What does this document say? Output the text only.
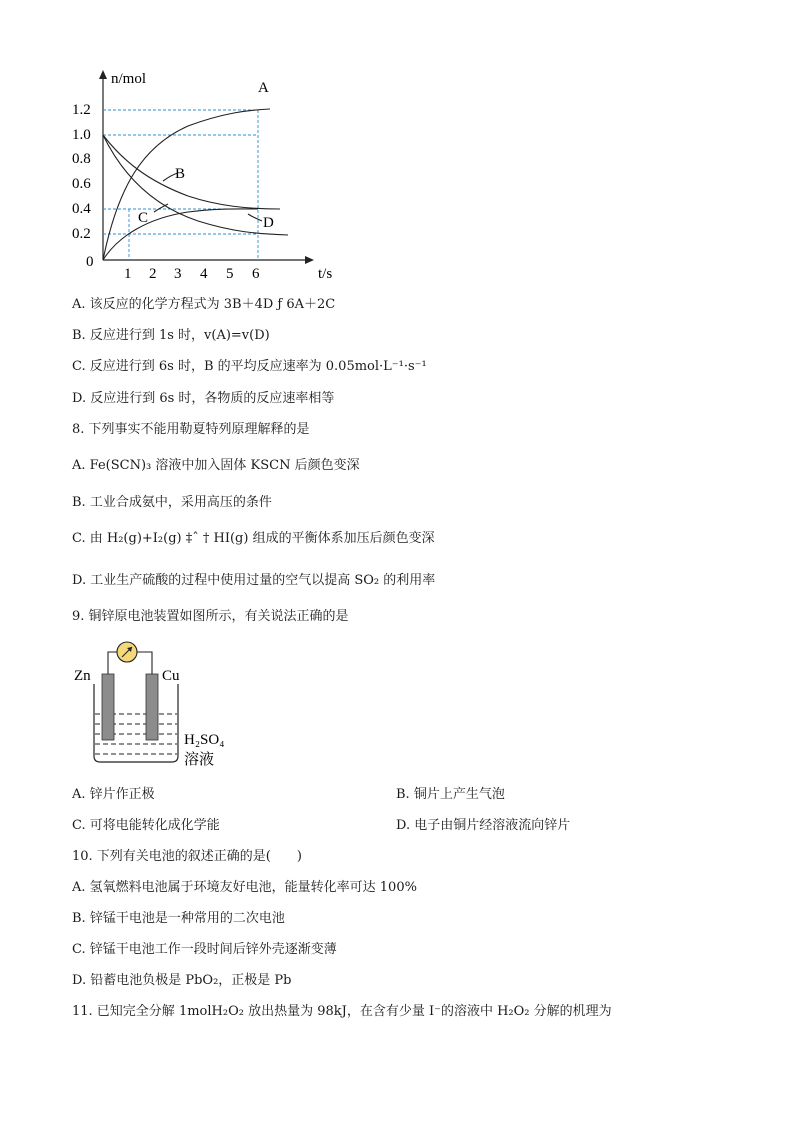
n/mol
t/s
1.2
1.0
0.8
0.6
0.4
0.2
0
1 2 3 4 5 6
A
B
C	D
A. 该反应的化学方程式为 3B＋4D ƒ 6A＋2C
B. 反应进行到 1s 时，v(A)=v(D)
C. 反应进行到 6s 时，B 的平均反应速率为 0.05mol·L⁻¹·s⁻¹
D. 反应进行到 6s 时，各物质的反应速率相等
8. 下列事实不能用勒夏特列原理解释的是
A. Fe(SCN)₃ 溶液中加入固体 KSCN 后颜色变深
B. 工业合成氨中，采用高压的条件
C. 由 H₂(g)+I₂(g) ‡ˆ † HI(g) 组成的平衡体系加压后颜色变深
D. 工业生产硫酸的过程中使用过量的空气以提高 SO₂ 的利用率
9. 铜锌原电池装置如图所示，有关说法正确的是
Zn	Cu
H₂SO₄
溶液
A. 锌片作正极	B. 铜片上产生气泡
C. 可将电能转化成化学能	D. 电子由铜片经溶液流向锌片
10. 下列有关电池的叙述正确的是(　　)
A. 氢氧燃料电池属于环境友好电池，能量转化率可达 100%
B. 锌锰干电池是一种常用的二次电池
C. 锌锰干电池工作一段时间后锌外壳逐渐变薄
D. 铅蓄电池负极是 PbO₂，正极是 Pb
11. 已知完全分解 1molH₂O₂ 放出热量为 98kJ，在含有少量 I⁻的溶液中 H₂O₂ 分解的机理为
